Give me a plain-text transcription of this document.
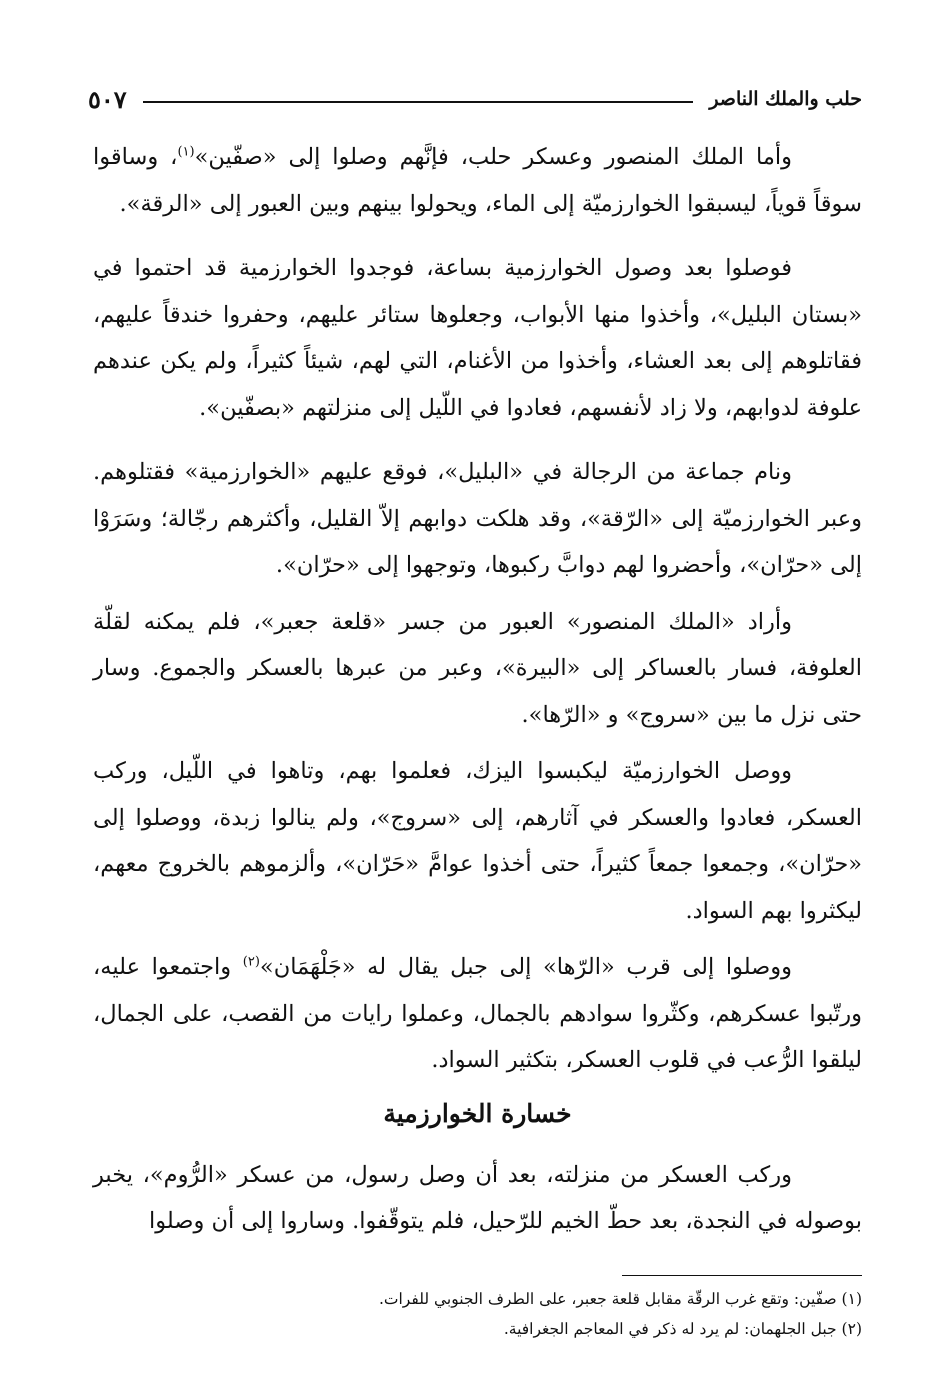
حلب والملك الناصر
٥٠٧

وأما الملك المنصور وعسكر حلب، فإنَّهم وصلوا إلى «صفّين»$^{(١)}$، وساقوا سوقاً قوياً، ليسبقوا الخوارزميّة إلى الماء، ويحولوا بينهم وبين العبور إلى «الرقة».

فوصلوا بعد وصول الخوارزمية بساعة، فوجدوا الخوارزمية قد احتموا في «بستان البليل»، وأخذوا منها الأبواب، وجعلوها ستائر عليهم، وحفروا خندقاً عليهم، فقاتلوهم إلى بعد العشاء، وأخذوا من الأغنام، التي لهم، شيئاً كثيراً، ولم يكن عندهم علوفة لدوابهم، ولا زاد لأنفسهم، فعادوا في اللّيل إلى منزلتهم «بصفّين».

ونام جماعة من الرجالة في «البليل»، فوقع عليهم «الخوارزمية» فقتلوهم. وعبر الخوارزميّة إلى «الرّقة»، وقد هلكت دوابهم إلاّ القليل، وأكثرهم رجّالة؛ وسَرَوْا إلى «حرّان»، وأحضروا لهم دوابَّ ركبوها، وتوجهوا إلى «حرّان».

وأراد «الملك المنصور» العبور من جسر «قلعة جعبر»، فلم يمكنه لقلّة العلوفة، فسار بالعساكر إلى «البيرة»، وعبر من عبرها بالعسكر والجموع. وسار حتى نزل ما بين «سروج» و «الرّها».

ووصل الخوارزميّة ليكبسوا اليزك، فعلموا بهم، وتاهوا في اللّيل، وركب العسكر، فعادوا والعسكر في آثارهم، إلى «سروج»، ولم ينالوا زبدة، ووصلوا إلى «حرّان»، وجمعوا جمعاً كثيراً، حتى أخذوا عوامَّ «حَرّان»، وألزموهم بالخروج معهم، ليكثروا بهم السواد.

ووصلوا إلى قرب «الرّها» إلى جبل يقال له «جَلْهَمَان»$^{(٢)}$ واجتمعوا عليه، ورتّبوا عسكرهم، وكثّروا سوادهم بالجمال، وعملوا رايات من القصب، على الجمال، ليلقوا الرُّعب في قلوب العسكر، بتكثير السواد.

خسارة الخوارزمية

وركب العسكر من منزلته، بعد أن وصل رسول، من عسكر «الرُّوم»، يخبر بوصوله في النجدة، بعد حطّ الخيم للرّحيل، فلم يتوقّفوا. وساروا إلى أن وصلوا

(١) صفّين: وتقع غرب الرقّة مقابل قلعة جعبر، على الطرف الجنوبي للفرات.

(٢) جبل الجلهمان: لم يرد له ذكر في المعاجم الجغرافية.
